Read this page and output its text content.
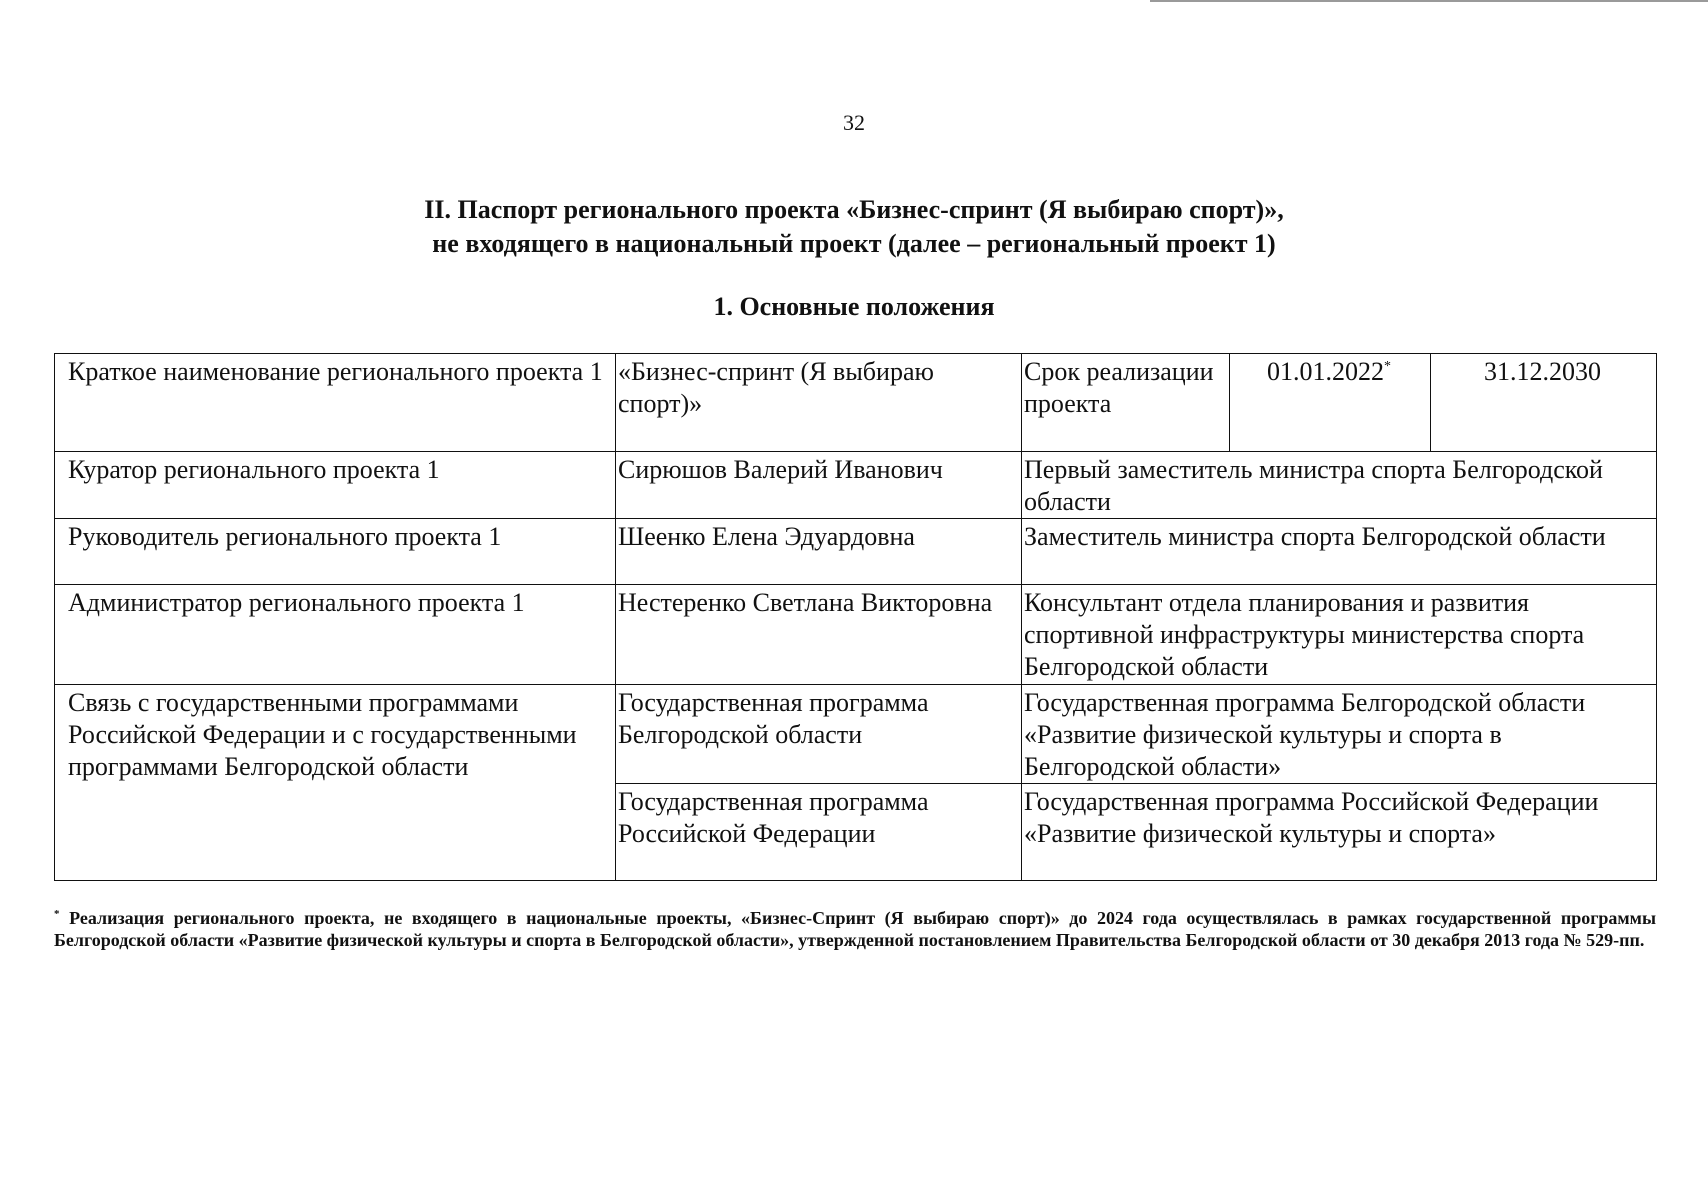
32
II. Паспорт регионального проекта «Бизнес-спринт (Я выбираю спорт)»,
не входящего в национальный проект (далее – региональный проект 1)
1. Основные положения
Краткое наименование регионального проекта 1	«Бизнес-спринт (Я выбираю спорт)»	Срок реализации проекта	01.01.2022*	31.12.2030
Куратор регионального проекта 1	Сирюшов Валерий Иванович	Первый заместитель министра спорта Белгородской области		
Руководитель регионального проекта 1	Шеенко Елена Эдуардовна	Заместитель министра спорта Белгородской области		
Администратор регионального проекта 1	Нестеренко Светлана Викторовна	Консультант отдела планирования и развития спортивной инфраструктуры министерства спорта Белгородской области		
Связь с государственными программами Российской Федерации и с государственными программами Белгородской области	Государственная программа Белгородской области	Государственная программа Белгородской области «Развитие физической культуры и спорта в Белгородской области»		
	Государственная программа Российской Федерации	Государственная программа Российской Федерации «Развитие физической культуры и спорта»		
* Реализация регионального проекта, не входящего в национальные проекты, «Бизнес-Спринт (Я выбираю спорт)» до 2024 года осуществлялась в рамках государственной программы Белгородской области «Развитие физической культуры и спорта в Белгородской области», утвержденной постановлением Правительства Белгородской области от 30 декабря 2013 года № 529-пп.
